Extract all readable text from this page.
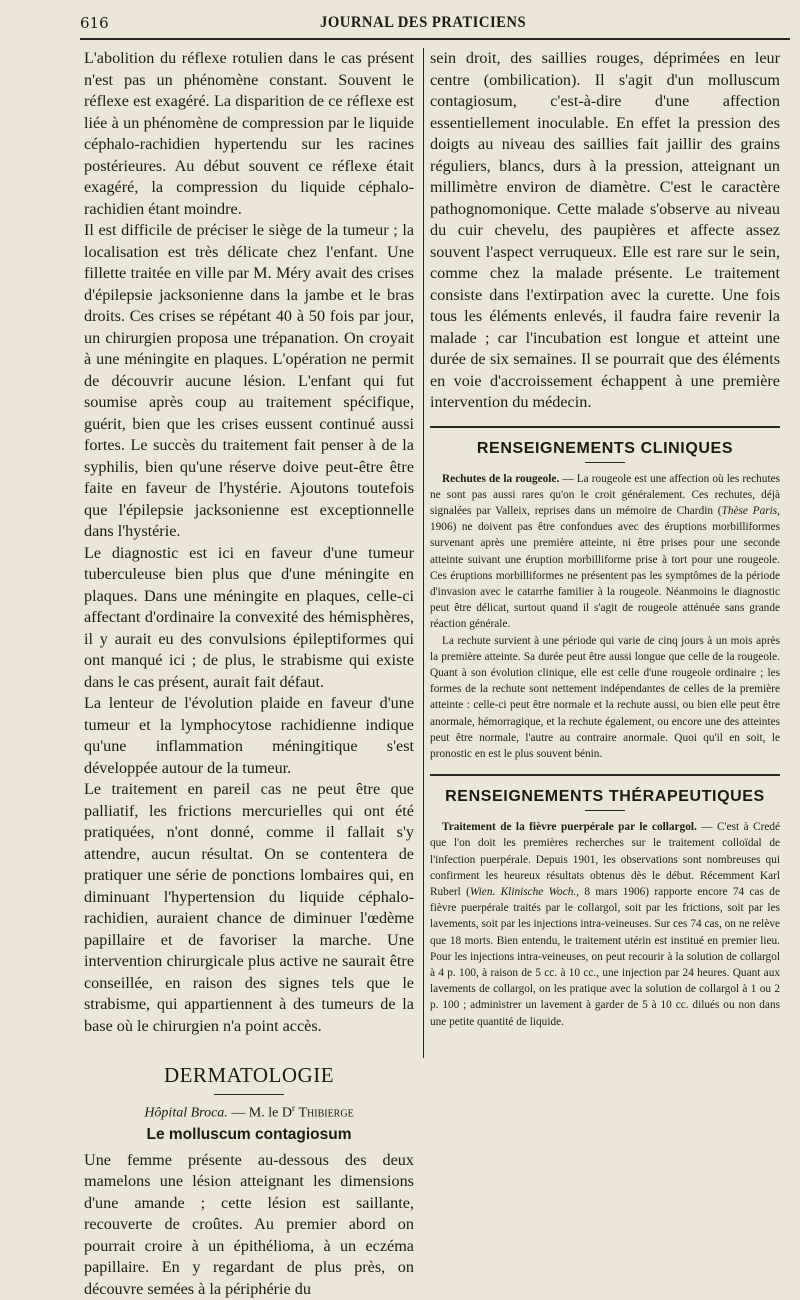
616	JOURNAL DES PRATICIENS

L'abolition du réflexe rotulien dans le cas présent n'est pas un phénomène constant. Souvent le réflexe est exagéré. La disparition de ce réflexe est liée à un phénomène de compression par le liquide céphalo-rachidien hypertendu sur les racines postérieures. Au début souvent ce réflexe était exagéré, la compression du liquide céphalo-rachidien étant moindre.

Il est difficile de préciser le siège de la tumeur ; la localisation est très délicate chez l'enfant. Une fillette traitée en ville par M. Méry avait des crises d'épilepsie jacksonienne dans la jambe et le bras droits. Ces crises se répétant 40 à 50 fois par jour, un chirurgien proposa une trépanation. On croyait à une méningite en plaques. L'opération ne permit de découvrir aucune lésion. L'enfant qui fut soumise après coup au traitement spécifique, guérit, bien que les crises eussent continué aussi fortes. Le succès du traitement fait penser à de la syphilis, bien qu'une réserve doive peut-être être faite en faveur de l'hystérie. Ajoutons toutefois que l'épilepsie jacksonienne est exceptionnelle dans l'hystérie.

Le diagnostic est ici en faveur d'une tumeur tuberculeuse bien plus que d'une méningite en plaques. Dans une méningite en plaques, celle-ci affectant d'ordinaire la convexité des hémisphères, il y aurait eu des convulsions épileptiformes qui ont manqué ici ; de plus, le strabisme qui existe dans le cas présent, aurait fait défaut.

La lenteur de l'évolution plaide en faveur d'une tumeur et la lymphocytose rachidienne indique qu'une inflammation méningitique s'est développée autour de la tumeur.

Le traitement en pareil cas ne peut être que palliatif, les frictions mercurielles qui ont été pratiquées, n'ont donné, comme il fallait s'y attendre, aucun résultat. On se contentera de pratiquer une série de ponctions lombaires qui, en diminuant l'hypertension du liquide céphalo-rachidien, auraient chance de diminuer l'œdème papillaire et de favoriser la marche. Une intervention chirurgicale plus active ne saurait être conseillée, en raison des signes tels que le strabisme, qui appartiennent à des tumeurs de la base où le chirurgien n'a point accès.

DERMATOLOGIE
Hôpital Broca. — M. le $D^r$ Thibierge
Le molluscum contagiosum

Une femme présente au-dessous des deux mamelons une lésion atteignant les dimensions d'une amande ; cette lésion est saillante, recouverte de croûtes. Au premier abord on pourrait croire à un épithélioma, à un eczéma papillaire. En y regardant de plus près, on découvre semées à la périphérie du

sein droit, des saillies rouges, déprimées en leur centre (ombilication). Il s'agit d'un molluscum contagiosum, c'est-à-dire d'une affection essentiellement inoculable. En effet la pression des doigts au niveau des saillies fait jaillir des grains réguliers, blancs, durs à la pression, atteignant un millimètre environ de diamètre. C'est le caractère pathognomonique. Cette malade s'observe au niveau du cuir chevelu, des paupières et affecte assez souvent l'aspect verruqueux. Elle est rare sur le sein, comme chez la malade présente. Le traitement consiste dans l'extirpation avec la curette. Une fois tous les éléments enlevés, il faudra faire revenir la malade ; car l'incubation est longue et atteint une durée de six semaines. Il se pourrait que des éléments en voie d'accroissement échappent à une première intervention du médecin.

RENSEIGNEMENTS CLINIQUES

Rechutes de la rougeole. — La rougeole est une affection où les rechutes ne sont pas aussi rares qu'on le croit généralement. Ces rechutes, déjà signalées par Valleix, reprises dans un mémoire de Chardin (Thèse Paris, 1906) ne doivent pas être confondues avec des éruptions morbilliformes survenant après une première atteinte, ni être prises pour une seconde atteinte suivant une éruption morbilliforme prise à tort pour une rougeole. Ces éruptions morbilliformes ne présentent pas les symptômes de la période d'invasion avec le catarrhe familier à la rougeole. Néanmoins le diagnostic peut être délicat, surtout quand il s'agit de rougeole atténuée sans grande réaction générale.

La rechute survient à une période qui varie de cinq jours à un mois après la première atteinte. Sa durée peut être aussi longue que celle de la rougeole. Quant à son évolution clinique, elle est celle d'une rougeole ordinaire ; les formes de la rechute sont nettement indépendantes de celles de la première atteinte : celle-ci peut être normale et la rechute aussi, ou bien elle peut être anormale, hémorragique, et la rechute également, ou encore une des atteintes peut être normale, l'autre au contraire anormale. Quoi qu'il en soit, le pronostic en est le plus souvent bénin.

RENSEIGNEMENTS THÉRAPEUTIQUES

Traitement de la fièvre puerpérale par le collargol. — C'est à Credé que l'on doit les premières recherches sur le traitement colloïdal de l'infection puerpérale. Depuis 1901, les observations sont nombreuses qui confirment les heureux résultats obtenus dès le début. Récemment Karl Ruberl (Wien. Klinische Woch., 8 mars 1906) rapporte encore 74 cas de fièvre puerpérale traités par le collargol, soit par les frictions, soit par les lavements, soit par les injections intra-veineuses. Sur ces 74 cas, on ne relève que 18 morts. Bien entendu, le traitement utérin est institué en premier lieu. Pour les injections intra-veineuses, on peut recourir à la solution de collargol à 4 p. 100, à raison de 5 cc. à 10 cc., une injection par 24 heures. Quant aux lavements de collargol, on les pratique avec la solution de collargol à 1 ou 2 p. 100 ; administrer un lavement à garder de 5 à 10 cc. dilués ou non dans une petite quantité de liquide.
